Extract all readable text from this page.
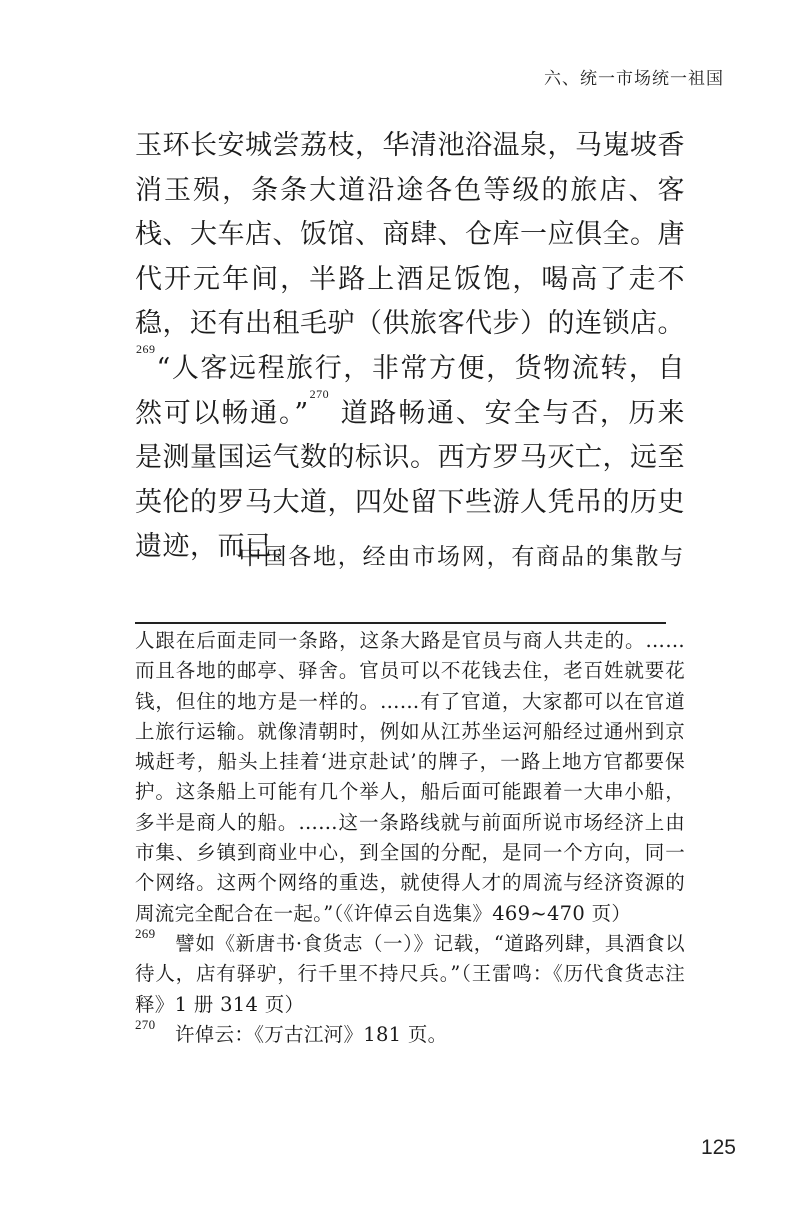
六、统一市场统一祖国

玉环长安城尝荔枝，华清池浴温泉，马嵬坡香消玉殒，条条大道沿途各色等级的旅店、客栈、大车店、饭馆、商肆、仓库一应俱全。唐代开元年间，半路上酒足饭饱，喝高了走不稳，还有出租毛驴（供旅客代步）的连锁店。$^{269}$“人客远程旅行，非常方便，货物流转，自然可以畅通。”$^{270}$ 道路畅通、安全与否，历来是测量国运气数的标识。西方罗马灭亡，远至英伦的罗马大道，四处留下些游人凭吊的历史遗迹，而已。

中国各地，经由市场网，有商品的集散与

人跟在后面走同一条路，这条大路是官员与商人共走的。……而且各地的邮亭、驿舍。官员可以不花钱去住，老百姓就要花钱，但住的地方是一样的。……有了官道，大家都可以在官道上旅行运输。就像清朝时，例如从江苏坐运河船经过通州到京城赶考，船头上挂着‘进京赴试’的牌子，一路上地方官都要保护。这条船上可能有几个举人，船后面可能跟着一大串小船，多半是商人的船。……这一条路线就与前面所说市场经济上由市集、乡镇到商业中心，到全国的分配，是同一个方向，同一个网络。这两个网络的重迭，就使得人才的周流与经济资源的周流完全配合在一起。”（《许倬云自选集》469~470 页）

269 譬如《新唐书·食货志（一）》记载，“道路列肆，具酒食以待人，店有驿驴，行千里不持尺兵。”（王雷鸣：《历代食货志注释》1 册 314 页）

270 许倬云：《万古江河》181 页。

125
